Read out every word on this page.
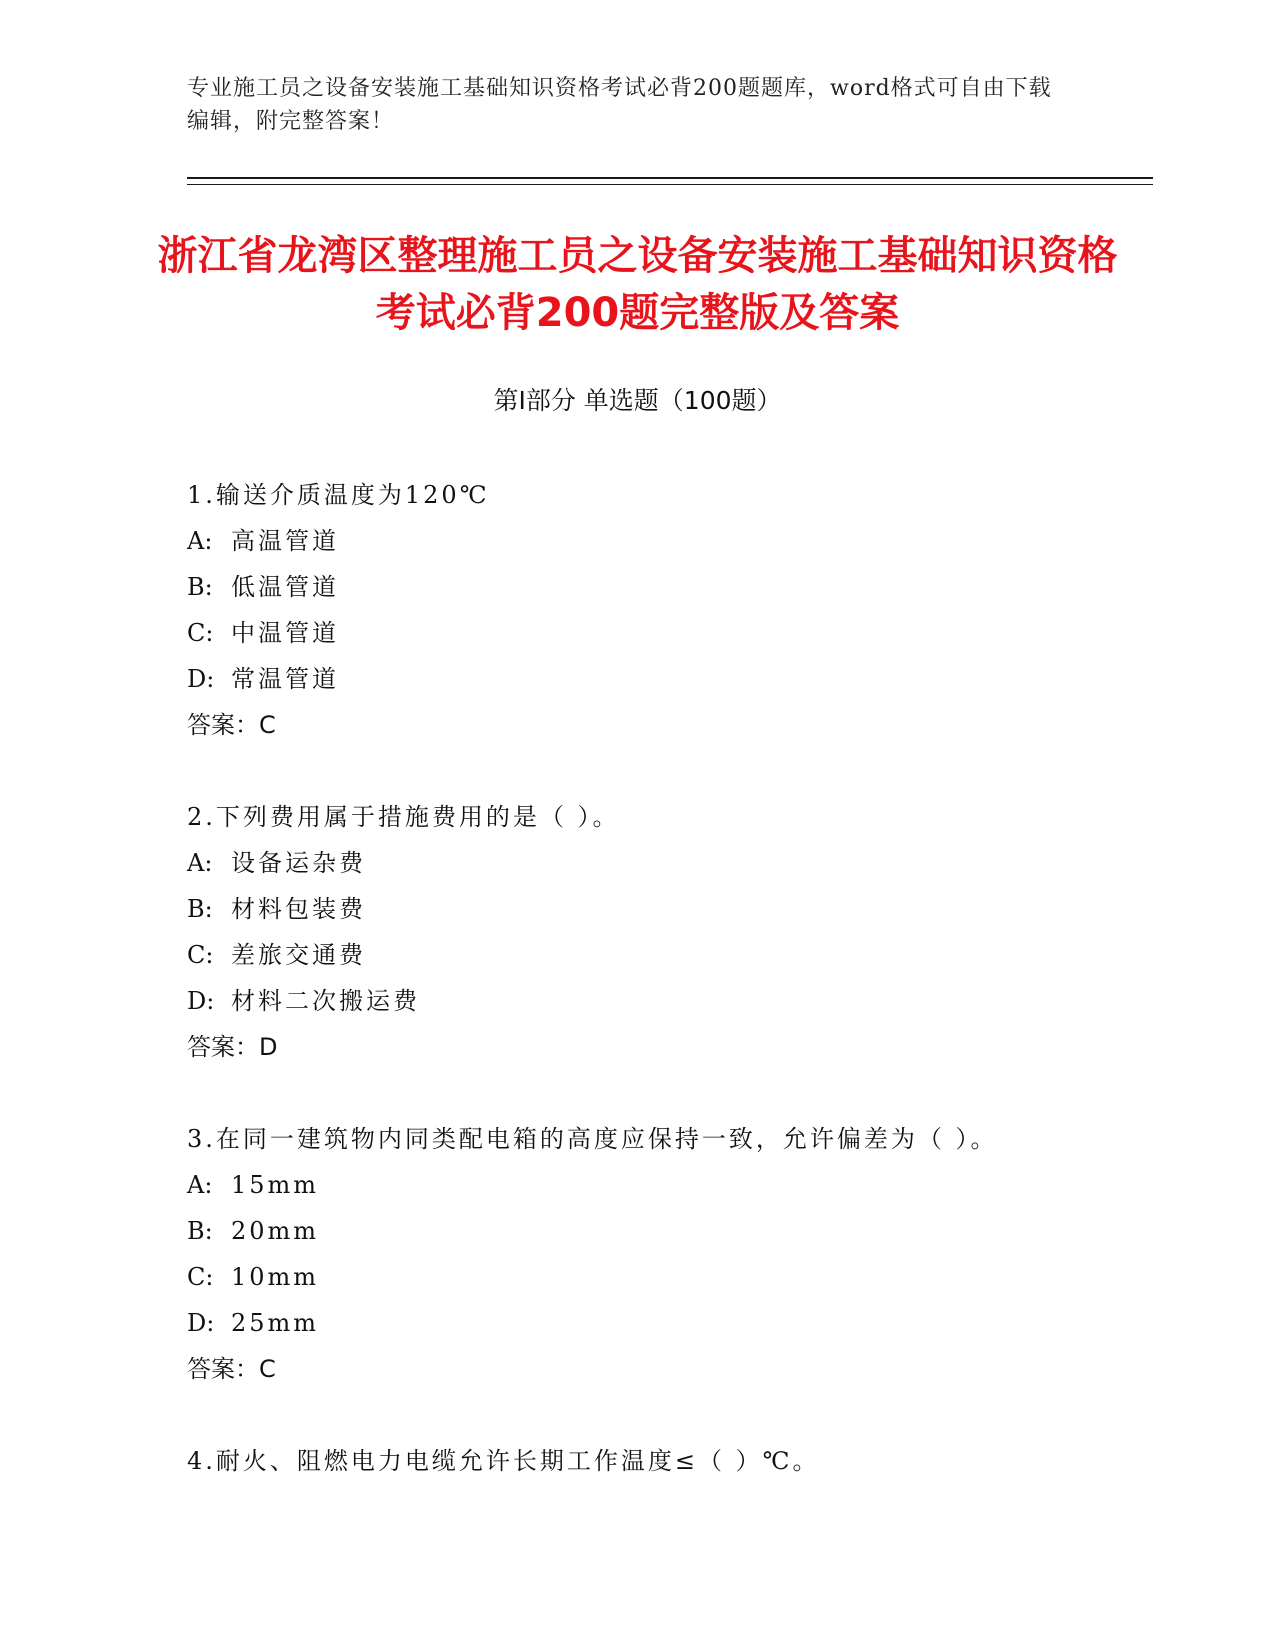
专业施工员之设备安装施工基础知识资格考试必背200题题库，word格式可自由下载编辑，附完整答案！
浙江省龙湾区整理施工员之设备安装施工基础知识资格考试必背200题完整版及答案
第Ⅰ部分 单选题（100题）
1.输送介质温度为120℃
A: 高温管道
B: 低温管道
C: 中温管道
D: 常温管道
答案：C
2.下列费用属于措施费用的是（ ）。
A: 设备运杂费
B: 材料包装费
C: 差旅交通费
D: 材料二次搬运费
答案：D
3.在同一建筑物内同类配电箱的高度应保持一致，允许偏差为（ ）。
A: 15mm
B: 20mm
C: 10mm
D: 25mm
答案：C
4.耐火、阻燃电力电缆允许长期工作温度≤（ ）℃。
